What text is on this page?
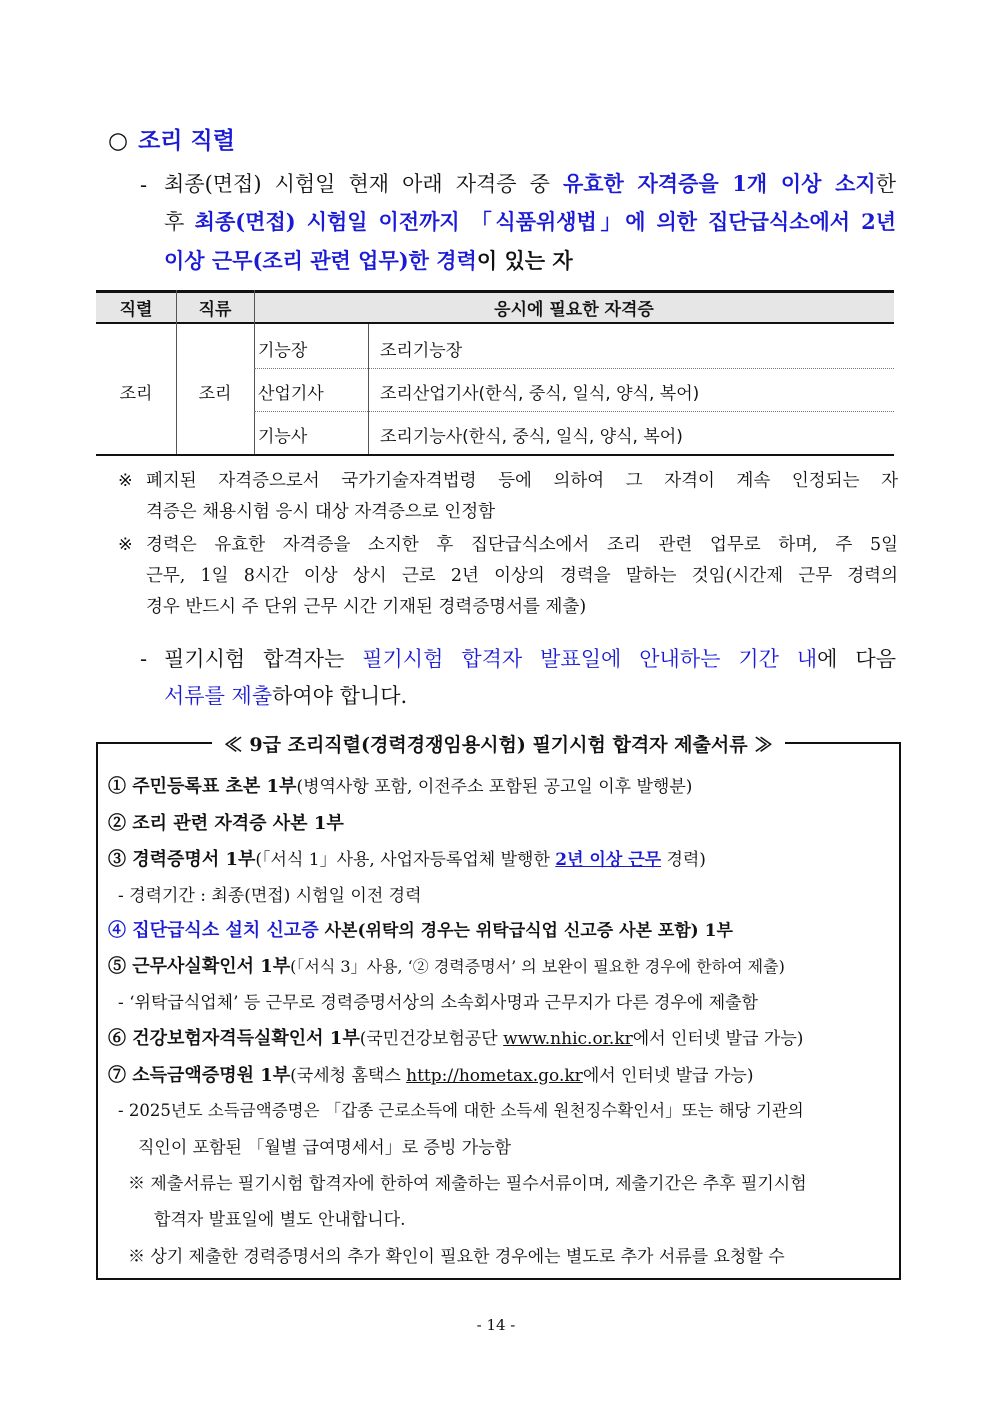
○ 조리 직렬
- 최종(면접) 시험일 현재 아래 자격증 중 유효한 자격증을 1개 이상 소지한
후 최종(면접) 시험일 이전까지 「식품위생법」에 의한 집단급식소에서 2년
이상 근무(조리 관련 업무)한 경력이 있는 자
직렬	직류	응시에 필요한 자격증
조리	조리
기능장	조리기능장
산업기사	조리산업기사(한식, 중식, 일식, 양식, 복어)
기능사	조리기능사(한식, 중식, 일식, 양식, 복어)
※ 폐지된 자격증으로서 국가기술자격법령 등에 의하여 그 자격이 계속 인정되는 자
격증은 채용시험 응시 대상 자격증으로 인정함
※ 경력은 유효한 자격증을 소지한 후 집단급식소에서 조리 관련 업무로 하며, 주 5일
근무, 1일 8시간 이상 상시 근로 2년 이상의 경력을 말하는 것임(시간제 근무 경력의
경우 반드시 주 단위 근무 시간 기재된 경력증명서를 제출)
- 필기시험 합격자는 필기시험 합격자 발표일에 안내하는 기간 내에 다음
서류를 제출하여야 합니다.
≪ 9급 조리직렬(경력경쟁임용시험) 필기시험 합격자 제출서류 ≫
① 주민등록표 초본 1부(병역사항 포함, 이전주소 포함된 공고일 이후 발행분)
② 조리 관련 자격증 사본 1부
③ 경력증명서 1부(「서식 1」사용, 사업자등록업체 발행한 2년 이상 근무 경력)
- 경력기간 : 최종(면접) 시험일 이전 경력
④ 집단급식소 설치 신고증 사본(위탁의 경우는 위탁급식업 신고증 사본 포함) 1부
⑤ 근무사실확인서 1부(「서식 3」사용, ‘② 경력증명서’ 의 보완이 필요한 경우에 한하여 제출)
- ‘위탁급식업체’ 등 근무로 경력증명서상의 소속회사명과 근무지가 다른 경우에 제출함
⑥ 건강보험자격득실확인서 1부(국민건강보험공단 www.nhic.or.kr에서 인터넷 발급 가능)
⑦ 소득금액증명원 1부(국세청 홈택스 http://hometax.go.kr에서 인터넷 발급 가능)
- 2025년도 소득금액증명은 「갑종 근로소득에 대한 소득세 원천징수확인서」또는 해당 기관의
직인이 포함된 「월별 급여명세서」로 증빙 가능함
※ 제출서류는 필기시험 합격자에 한하여 제출하는 필수서류이며, 제출기간은 추후 필기시험
합격자 발표일에 별도 안내합니다.
※ 상기 제출한 경력증명서의 추가 확인이 필요한 경우에는 별도로 추가 서류를 요청할 수
- 14 -
